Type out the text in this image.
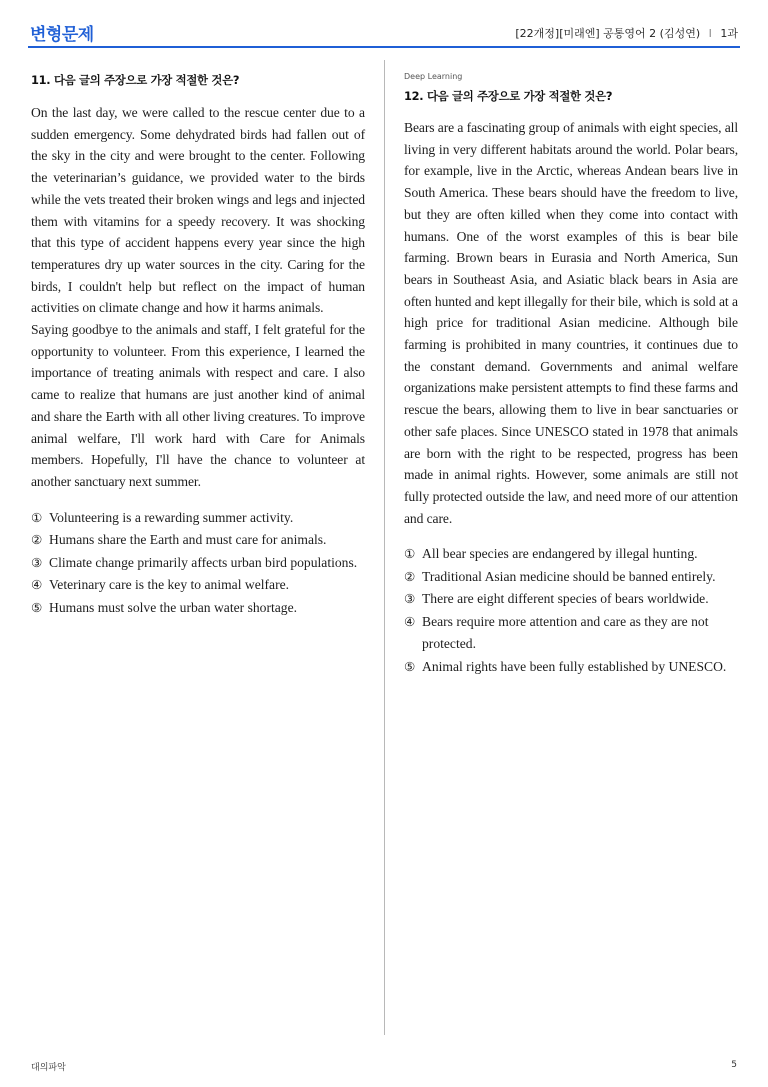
변형문제	[22개정][미래엔] 공통영어 2 (김성연) I 1과
11. 다음 글의 주장으로 가장 적절한 것은?

On the last day, we were called to the rescue center due to a sudden emergency. Some dehydrated birds had fallen out of the sky in the city and were brought to the center. Following the veterinarian’s guidance, we provided water to the birds while the vets treated their broken wings and legs and injected them with vitamins for a speedy recovery. It was shocking that this type of accident happens every year since the high temperatures dry up water sources in the city. Caring for the birds, I couldn't help but reflect on the impact of human activities on climate change and how it harms animals.

Saying goodbye to the animals and staff, I felt grateful for the opportunity to volunteer. From this experience, I learned the importance of treating animals with respect and care. I also came to realize that humans are just another kind of animal and share the Earth with all other living creatures. To improve animal welfare, I'll work hard with Care for Animals members. Hopefully, I'll have the chance to volunteer at another sanctuary next summer.

① Volunteering is a rewarding summer activity.
② Humans share the Earth and must care for animals.
③ Climate change primarily affects urban bird populations.
④ Veterinary care is the key to animal welfare.
⑤ Humans must solve the urban water shortage.
Deep Learning
12. 다음 글의 주장으로 가장 적절한 것은?

Bears are a fascinating group of animals with eight species, all living in very different habitats around the world. Polar bears, for example, live in the Arctic, whereas Andean bears live in South America. These bears should have the freedom to live, but they are often killed when they come into contact with humans. One of the worst examples of this is bear bile farming. Brown bears in Eurasia and North America, Sun bears in Southeast Asia, and Asiatic black bears in Asia are often hunted and kept illegally for their bile, which is sold at a high price for traditional Asian medicine. Although bile farming is prohibited in many countries, it continues due to the constant demand. Governments and animal welfare organizations make persistent attempts to find these farms and rescue the bears, allowing them to live in bear sanctuaries or other safe places. Since UNESCO stated in 1978 that animals are born with the right to be respected, progress has been made in animal rights. However, some animals are still not fully protected outside the law, and need more of our attention and care.

① All bear species are endangered by illegal hunting.
② Traditional Asian medicine should be banned entirely.
③ There are eight different species of bears worldwide.
④ Bears require more attention and care as they are not protected.
⑤ Animal rights have been fully established by UNESCO.
대의파악	5
